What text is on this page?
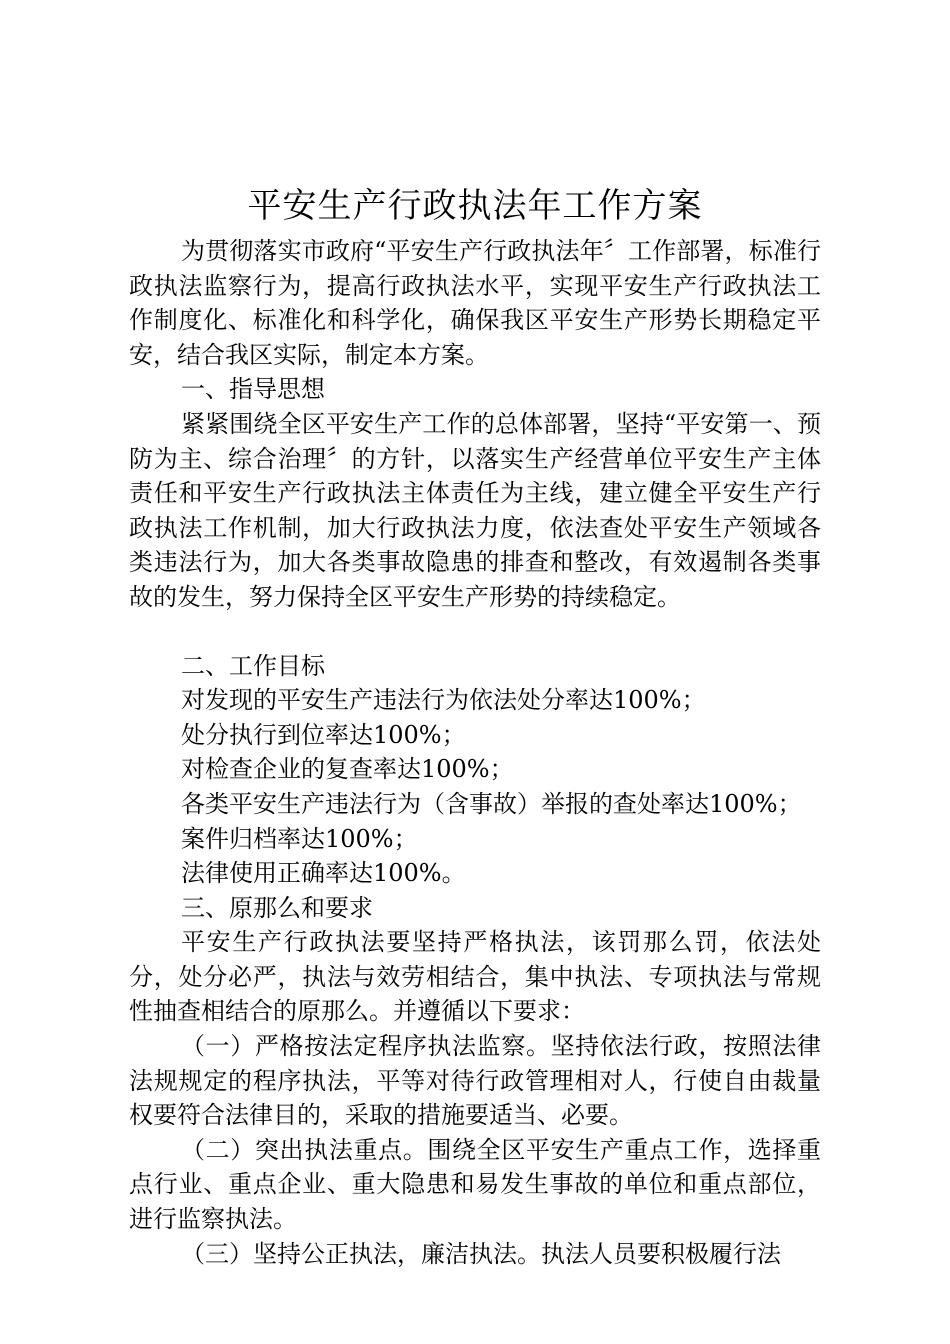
平安生产行政执法年工作方案

为贯彻落实市政府“平安生产行政执法年〞工作部署，标准行政执法监察行为，提高行政执法水平，实现平安生产行政执法工作制度化、标准化和科学化，确保我区平安生产形势长期稳定平安，结合我区实际，制定本方案。

一、指导思想

紧紧围绕全区平安生产工作的总体部署，坚持“平安第一、预防为主、综合治理〞的方针，以落实生产经营单位平安生产主体责任和平安生产行政执法主体责任为主线，建立健全平安生产行政执法工作机制，加大行政执法力度，依法查处平安生产领域各类违法行为，加大各类事故隐患的排查和整改，有效遏制各类事故的发生，努力保持全区平安生产形势的持续稳定。

二、工作目标

对发现的平安生产违法行为依法处分率达100%；

处分执行到位率达100%；

对检查企业的复查率达100%；

各类平安生产违法行为（含事故）举报的查处率达100%；

案件归档率达100%；

法律使用正确率达100%。

三、原那么和要求

平安生产行政执法要坚持严格执法，该罚那么罚，依法处分，处分必严，执法与效劳相结合，集中执法、专项执法与常规性抽查相结合的原那么。并遵循以下要求：

（一）严格按法定程序执法监察。坚持依法行政，按照法律法规规定的程序执法，平等对待行政管理相对人，行使自由裁量权要符合法律目的，采取的措施要适当、必要。

（二）突出执法重点。围绕全区平安生产重点工作，选择重点行业、重点企业、重大隐患和易发生事故的单位和重点部位，进行监察执法。

（三）坚持公正执法，廉洁执法。执法人员要积极履行法
